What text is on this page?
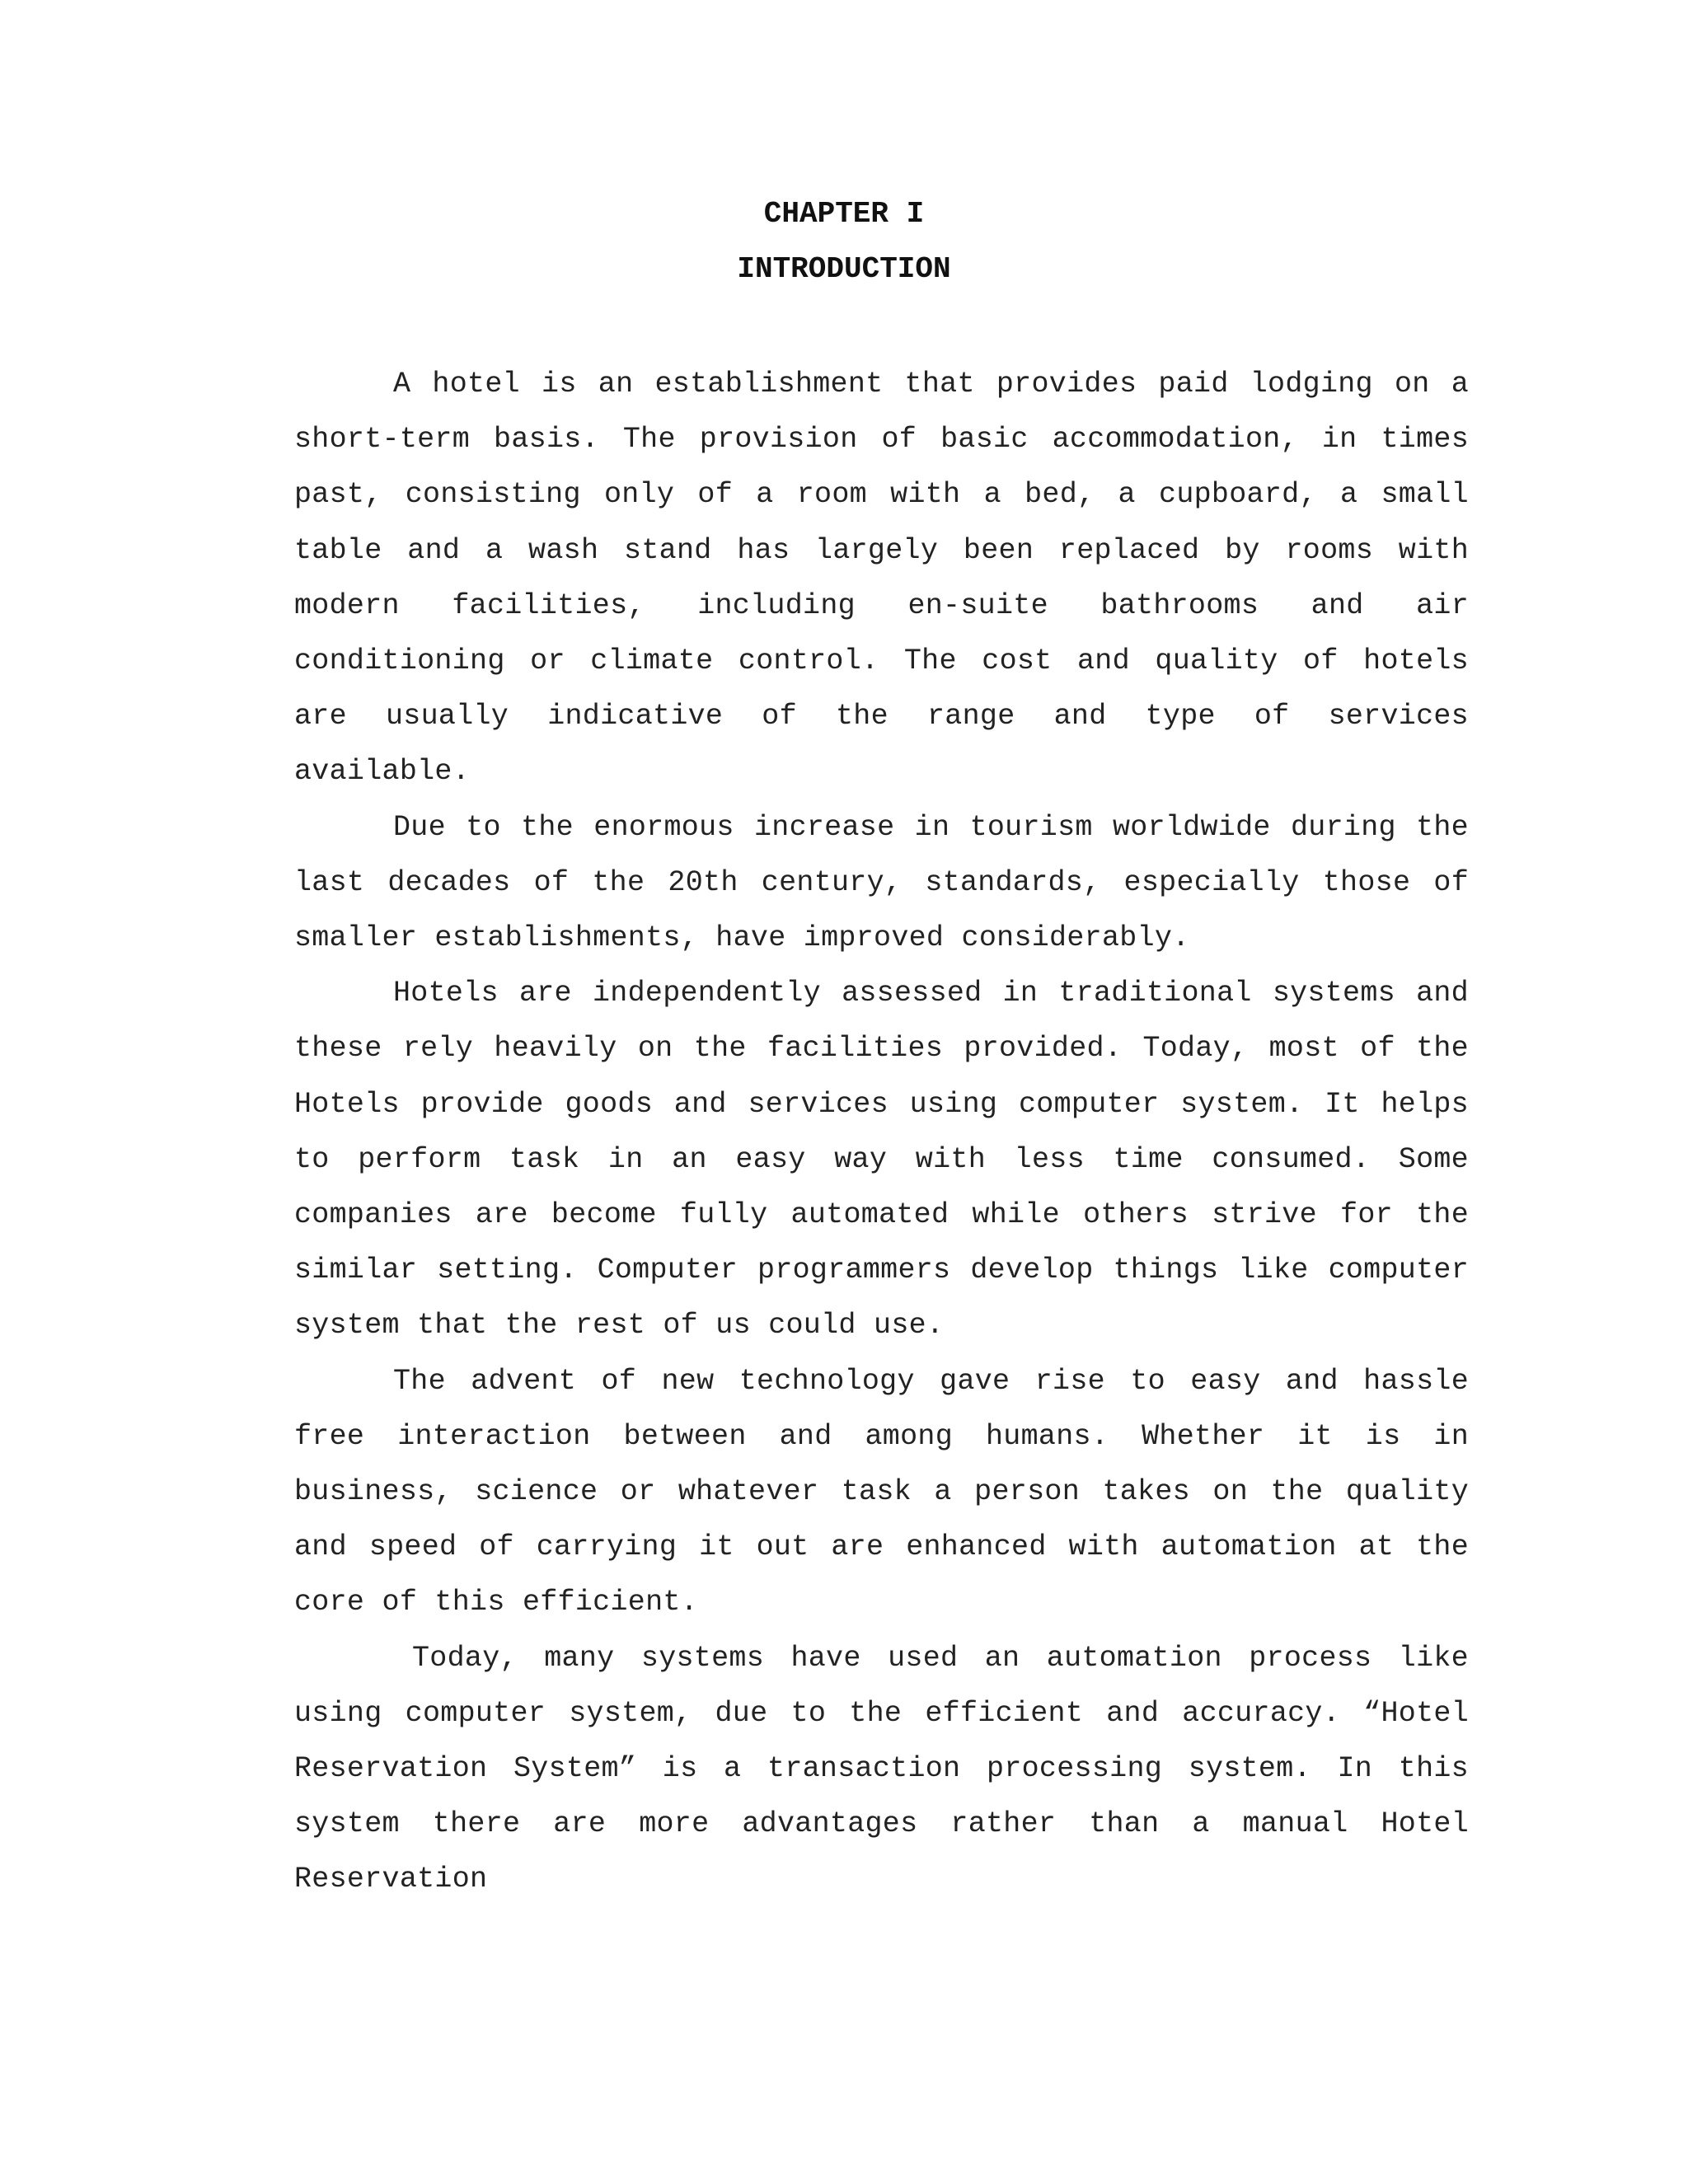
CHAPTER I
INTRODUCTION

A hotel is an establishment that provides paid lodging on a short-term basis. The provision of basic accommodation, in times past, consisting only of a room with a bed, a cupboard, a small table and a wash stand has largely been replaced by rooms with modern facilities, including en-suite bathrooms and air conditioning or climate control. The cost and quality of hotels are usually indicative of the range and type of services available.

Due to the enormous increase in tourism worldwide during the last decades of the 20th century, standards, especially those of smaller establishments, have improved considerably.

Hotels are independently assessed in traditional systems and these rely heavily on the facilities provided. Today, most of the Hotels provide goods and services using computer system. It helps to perform task in an easy way with less time consumed. Some companies are become fully automated while others strive for the similar setting. Computer programmers develop things like computer system that the rest of us could use.

The advent of new technology gave rise to easy and hassle free interaction between and among humans. Whether it is in business, science or whatever task a person takes on the quality and speed of carrying it out are enhanced with automation at the core of this efficient.

Today, many systems have used an automation process like using computer system, due to the efficient and accuracy. “Hotel Reservation System” is a transaction processing system. In this system there are more advantages rather than a manual Hotel Reservation
